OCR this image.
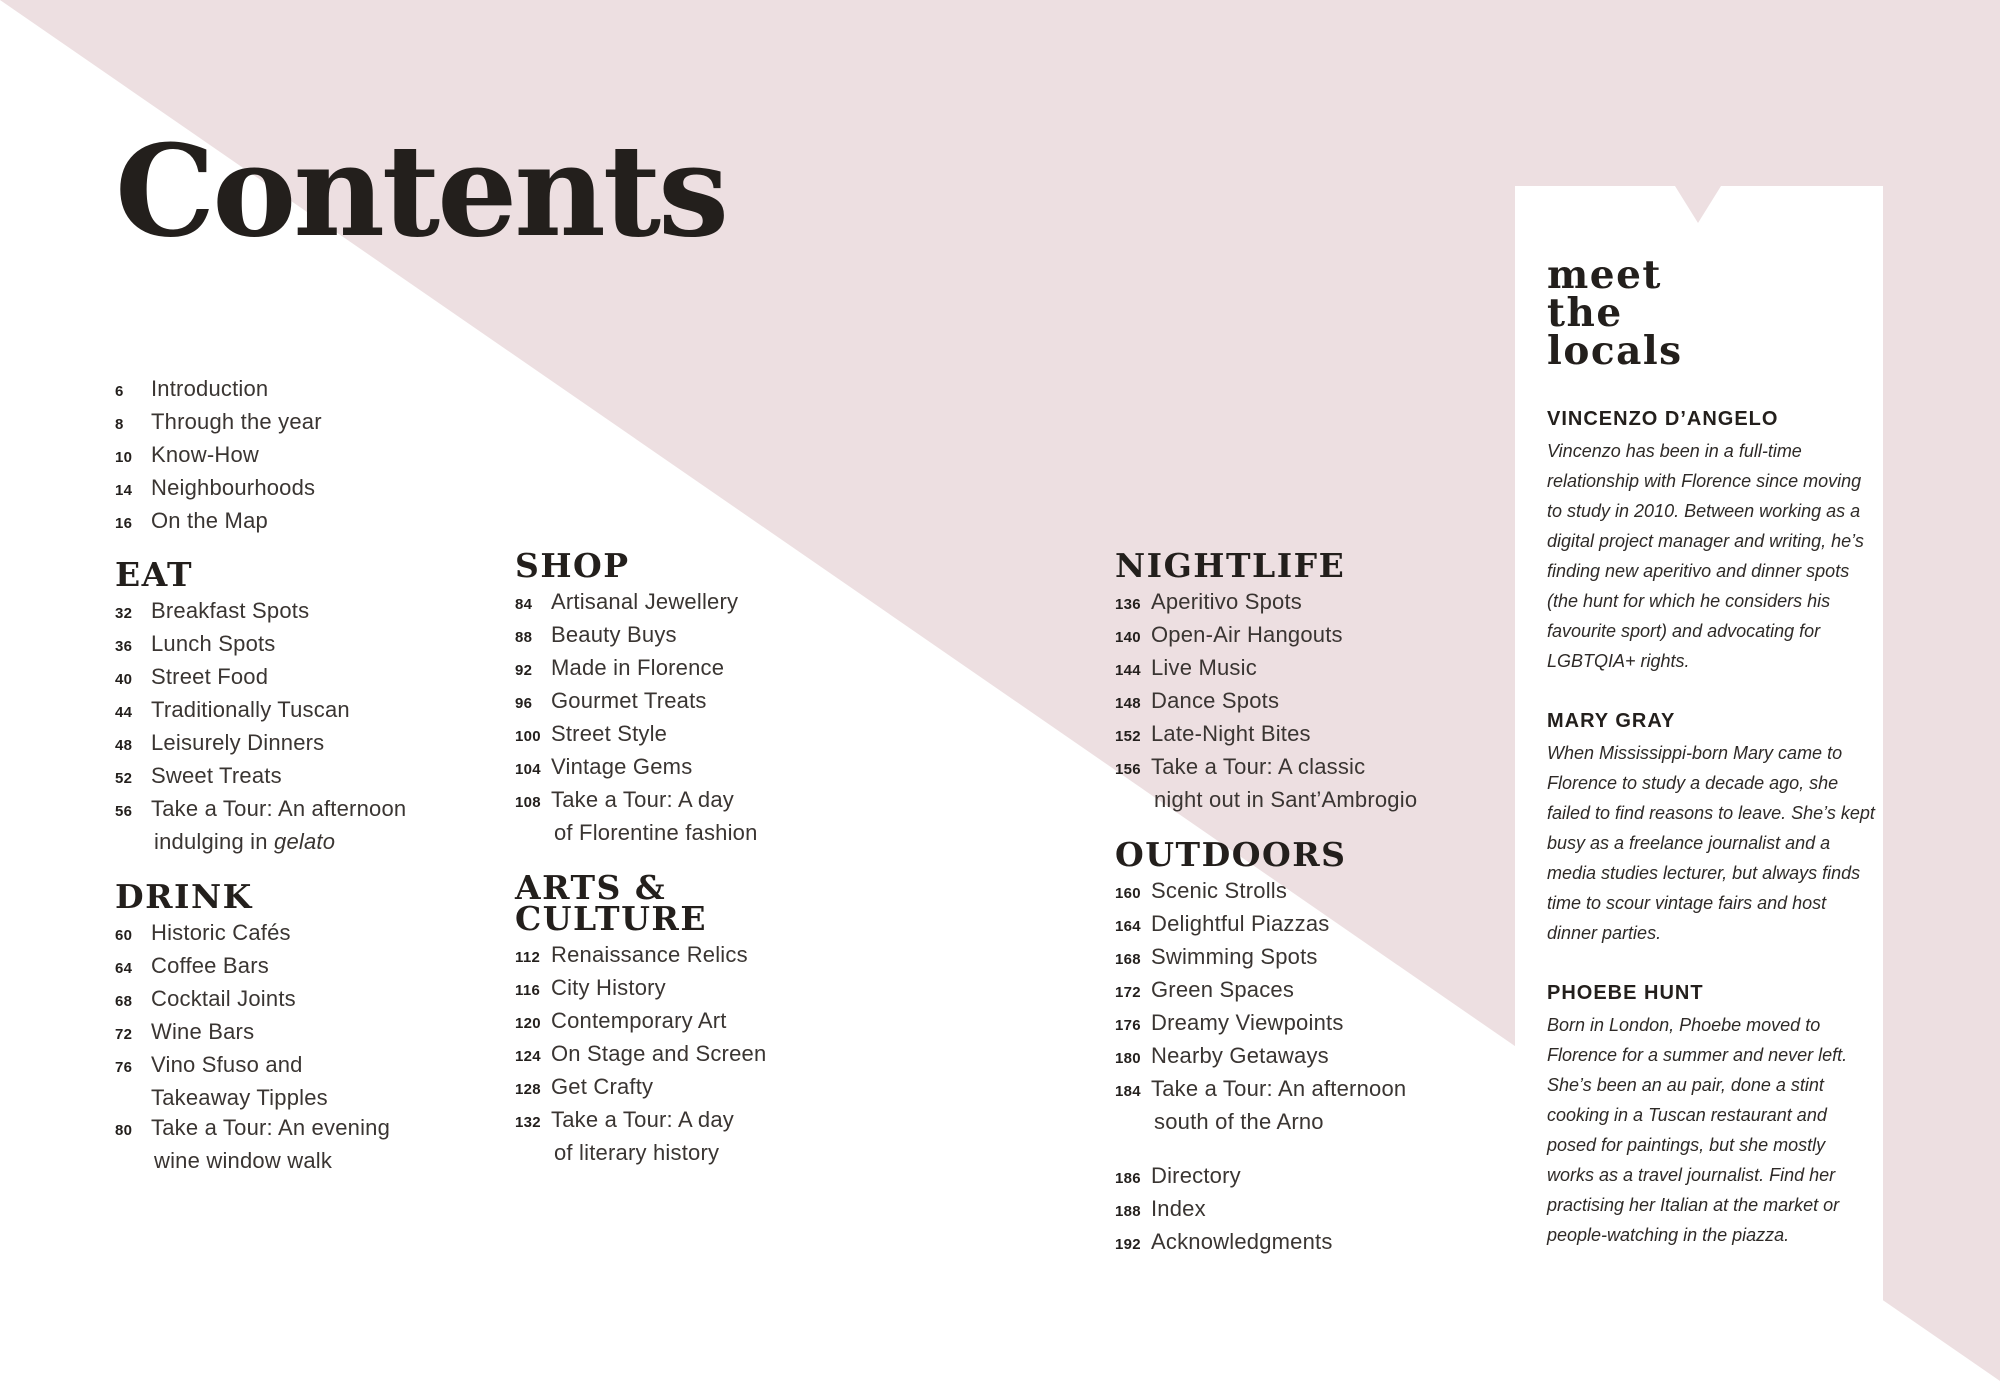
Contents
6	Introduction
8	Through the year
10 Know-How
14 Neighbourhoods
16 On the Map
EAT
32 Breakfast Spots
36 Lunch Spots
40 Street Food
44 Traditionally Tuscan
48 Leisurely Dinners
52 Sweet Treats
56 Take a Tour: An afternoon
indulging in gelato
DRINK
60 Historic Cafés
64 Coffee Bars
68 Cocktail Joints
72 Wine Bars
76 Vino Sfuso and
Takeaway Tipples
80 Take a Tour: An evening
wine window walk
SHOP
84 Artisanal Jewellery
88 Beauty Buys
92 Made in Florence
96 Gourmet Treats
100 Street Style
104 Vintage Gems
108 Take a Tour: A day
of Florentine fashion
ARTS &
CULTURE
112 Renaissance Relics
116 City History
120 Contemporary Art
124 On Stage and Screen
128 Get Crafty
132 Take a Tour: A day
of literary history
NIGHTLIFE
136 Aperitivo Spots
140 Open-Air Hangouts
144 Live Music
148 Dance Spots
152 Late-Night Bites
156 Take a Tour: A classic
night out in Sant’Ambrogio
OUTDOORS
160 Scenic Strolls
164 Delightful Piazzas
168 Swimming Spots
172 Green Spaces
176 Dreamy Viewpoints
180 Nearby Getaways
184 Take a Tour: An afternoon
south of the Arno
186 Directory
188 Index
192 Acknowledgments
meet
the
locals
VINCENZO D’ANGELO
Vincenzo has been in a full-time relationship with Florence since moving to study in 2010. Between working as a digital project manager and writing, he’s finding new aperitivo and dinner spots (the hunt for which he considers his favourite sport) and advocating for LGBTQIA+ rights.
MARY GRAY
When Mississippi-born Mary came to Florence to study a decade ago, she failed to find reasons to leave. She’s kept busy as a freelance journalist and a media studies lecturer, but always finds time to scour vintage fairs and host dinner parties.
PHOEBE HUNT
Born in London, Phoebe moved to Florence for a summer and never left. She’s been an au pair, done a stint cooking in a Tuscan restaurant and posed for paintings, but she mostly works as a travel journalist. Find her practising her Italian at the market or people-watching in the piazza.
